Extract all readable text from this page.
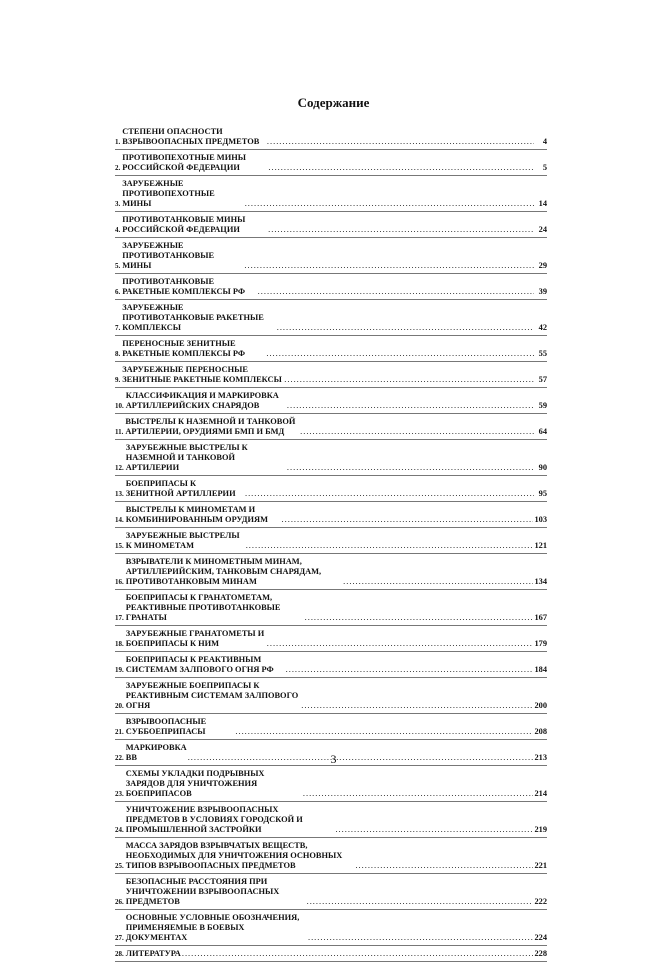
Содержание
1.
СТЕПЕНИ ОПАСНОСТИ ВЗРЫВООПАСНЫХ ПРЕДМЕТОВ .....	4
2.
ПРОТИВОПЕХОТНЫЕ МИНЫ РОССИЙСКОЙ ФЕДЕРАЦИИ .....	5
3.
ЗАРУБЕЖНЫЕ ПРОТИВОПЕХОТНЫЕ МИНЫ .....	14
4.
ПРОТИВОТАНКОВЫЕ МИНЫ РОССИЙСКОЙ ФЕДЕРАЦИИ .....	24
5.
ЗАРУБЕЖНЫЕ ПРОТИВОТАНКОВЫЕ МИНЫ .....	29
6.
ПРОТИВОТАНКОВЫЕ РАКЕТНЫЕ КОМПЛЕКСЫ РФ .....	39
7.
ЗАРУБЕЖНЫЕ ПРОТИВОТАНКОВЫЕ РАКЕТНЫЕ КОМПЛЕКСЫ .....	42
8.
ПЕРЕНОСНЫЕ ЗЕНИТНЫЕ РАКЕТНЫЕ КОМПЛЕКСЫ РФ .....	55
9.
ЗАРУБЕЖНЫЕ ПЕРЕНОСНЫЕ ЗЕНИТНЫЕ РАКЕТНЫЕ КОМПЛЕКСЫ .....	57
10.
КЛАССИФИКАЦИЯ И МАРКИРОВКА АРТИЛЛЕРИЙСКИХ СНАРЯДОВ .....	59
11.
ВЫСТРЕЛЫ К НАЗЕМНОЙ И ТАНКОВОЙ АРТИЛЕРИИ, ОРУДИЯМИ БМП И БМД .....	64
12.
ЗАРУБЕЖНЫЕ ВЫСТРЕЛЫ К НАЗЕМНОЙ И ТАНКОВОЙ АРТИЛЕРИИ .....	90
13.
БОЕПРИПАСЫ К ЗЕНИТНОЙ АРТИЛЛЕРИИ .....	95
14.
ВЫСТРЕЛЫ К МИНОМЕТАМ И КОМБИНИРОВАННЫМ ОРУДИЯМ .....	103
15.
ЗАРУБЕЖНЫЕ ВЫСТРЕЛЫ К МИНОМЕТАМ .....	121
16.
ВЗРЫВАТЕЛИ К МИНОМЕТНЫМ МИНАМ, АРТИЛЛЕРИЙСКИМ, ТАНКОВЫМ СНАРЯДАМ, ПРОТИВОТАНКОВЫМ МИНАМ .....	134
17.
БОЕПРИПАСЫ К ГРАНАТОМЕТАМ, РЕАКТИВНЫЕ ПРОТИВОТАНКОВЫЕ ГРАНАТЫ .....	167
18.
ЗАРУБЕЖНЫЕ ГРАНАТОМЕТЫ И БОЕПРИПАСЫ К НИМ .....	179
19.
БОЕПРИПАСЫ К РЕАКТИВНЫМ СИСТЕМАМ ЗАЛПОВОГО ОГНЯ РФ .....	184
20.
ЗАРУБЕЖНЫЕ БОЕПРИПАСЫ К РЕАКТИВНЫМ СИСТЕМАМ ЗАЛПОВОГО ОГНЯ .....	200
21.
ВЗРЫВООПАСНЫЕ СУББОЕПРИПАСЫ .....	208
22.
МАРКИРОВКА ВВ .....	213
23.
СХЕМЫ УКЛАДКИ ПОДРЫВНЫХ ЗАРЯДОВ ДЛЯ УНИЧТОЖЕНИЯ БОЕПРИПАСОВ .....	214
24.
УНИЧТОЖЕНИЕ ВЗРЫВООПАСНЫХ ПРЕДМЕТОВ В УСЛОВИЯХ ГОРОДСКОЙ И ПРОМЫШЛЕННОЙ ЗАСТРОЙКИ .....	219
25.
МАССА ЗАРЯДОВ ВЗРЫВЧАТЫХ ВЕЩЕСТВ, НЕОБХОДИМЫХ ДЛЯ УНИЧТОЖЕНИЯ ОСНОВНЫХ ТИПОВ ВЗРЫВООПАСНЫХ ПРЕДМЕТОВ .....	221
26.
БЕЗОПАСНЫЕ РАССТОЯНИЯ ПРИ УНИЧТОЖЕНИИ ВЗРЫВООПАСНЫХ ПРЕДМЕТОВ .....	222
27.
ОСНОВНЫЕ УСЛОВНЫЕ ОБОЗНАЧЕНИЯ, ПРИМЕНЯЕМЫЕ В БОЕВЫХ ДОКУМЕНТАХ .....	224
28. ЛИТЕРАТУРА .....	228
3
